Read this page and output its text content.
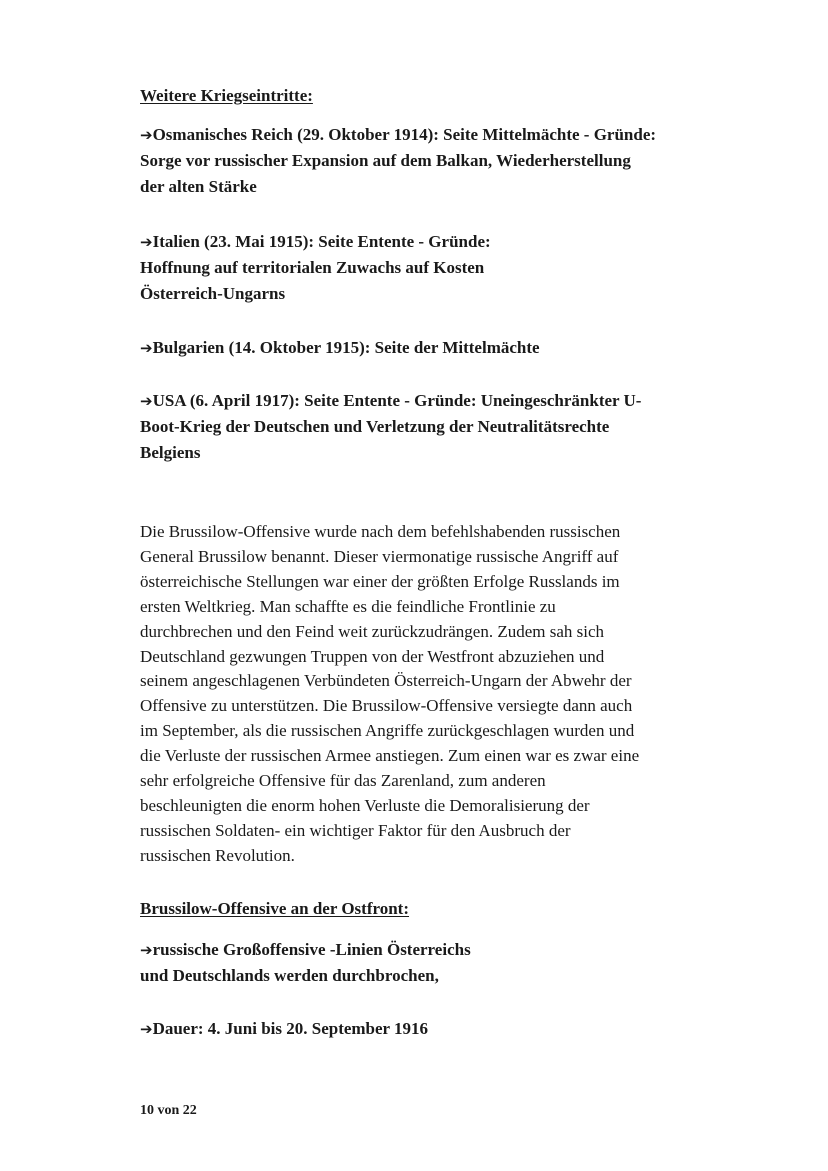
Weitere Kriegseintritte:

➔Osmanisches Reich (29. Oktober 1914): Seite Mittelmächte - Gründe:
Sorge vor russischer Expansion auf dem Balkan, Wiederherstellung
der alten Stärke

➔Italien (23. Mai 1915): Seite Entente - Gründe:
Hoffnung auf territorialen Zuwachs auf Kosten
Österreich-Ungarns

➔Bulgarien (14. Oktober 1915): Seite der Mittelmächte

➔USA (6. April 1917): Seite Entente - Gründe: Uneingeschränkter U-
Boot-Krieg der Deutschen und Verletzung der Neutralitätsrechte
Belgiens

Die Brussilow-Offensive wurde nach dem befehlshabenden russischen
General Brussilow benannt. Dieser viermonatige russische Angriff auf
österreichische Stellungen war einer der größten Erfolge Russlands im
ersten Weltkrieg. Man schaffte es die feindliche Frontlinie zu
durchbrechen und den Feind weit zurückzudrängen. Zudem sah sich
Deutschland gezwungen Truppen von der Westfront abzuziehen und
seinem angeschlagenen Verbündeten Österreich-Ungarn der Abwehr der
Offensive zu unterstützen. Die Brussilow-Offensive versiegte dann auch
im September, als die russischen Angriffe zurückgeschlagen wurden und
die Verluste der russischen Armee anstiegen. Zum einen war es zwar eine
sehr erfolgreiche Offensive für das Zarenland, zum anderen
beschleunigten die enorm hohen Verluste die Demoralisierung der
russischen Soldaten- ein wichtiger Faktor für den Ausbruch der
russischen Revolution.

Brussilow-Offensive an der Ostfront:

➔russische Großoffensive -Linien Österreichs
und Deutschlands werden durchbrochen,

➔Dauer: 4. Juni bis 20. September 1916

10 von 22
